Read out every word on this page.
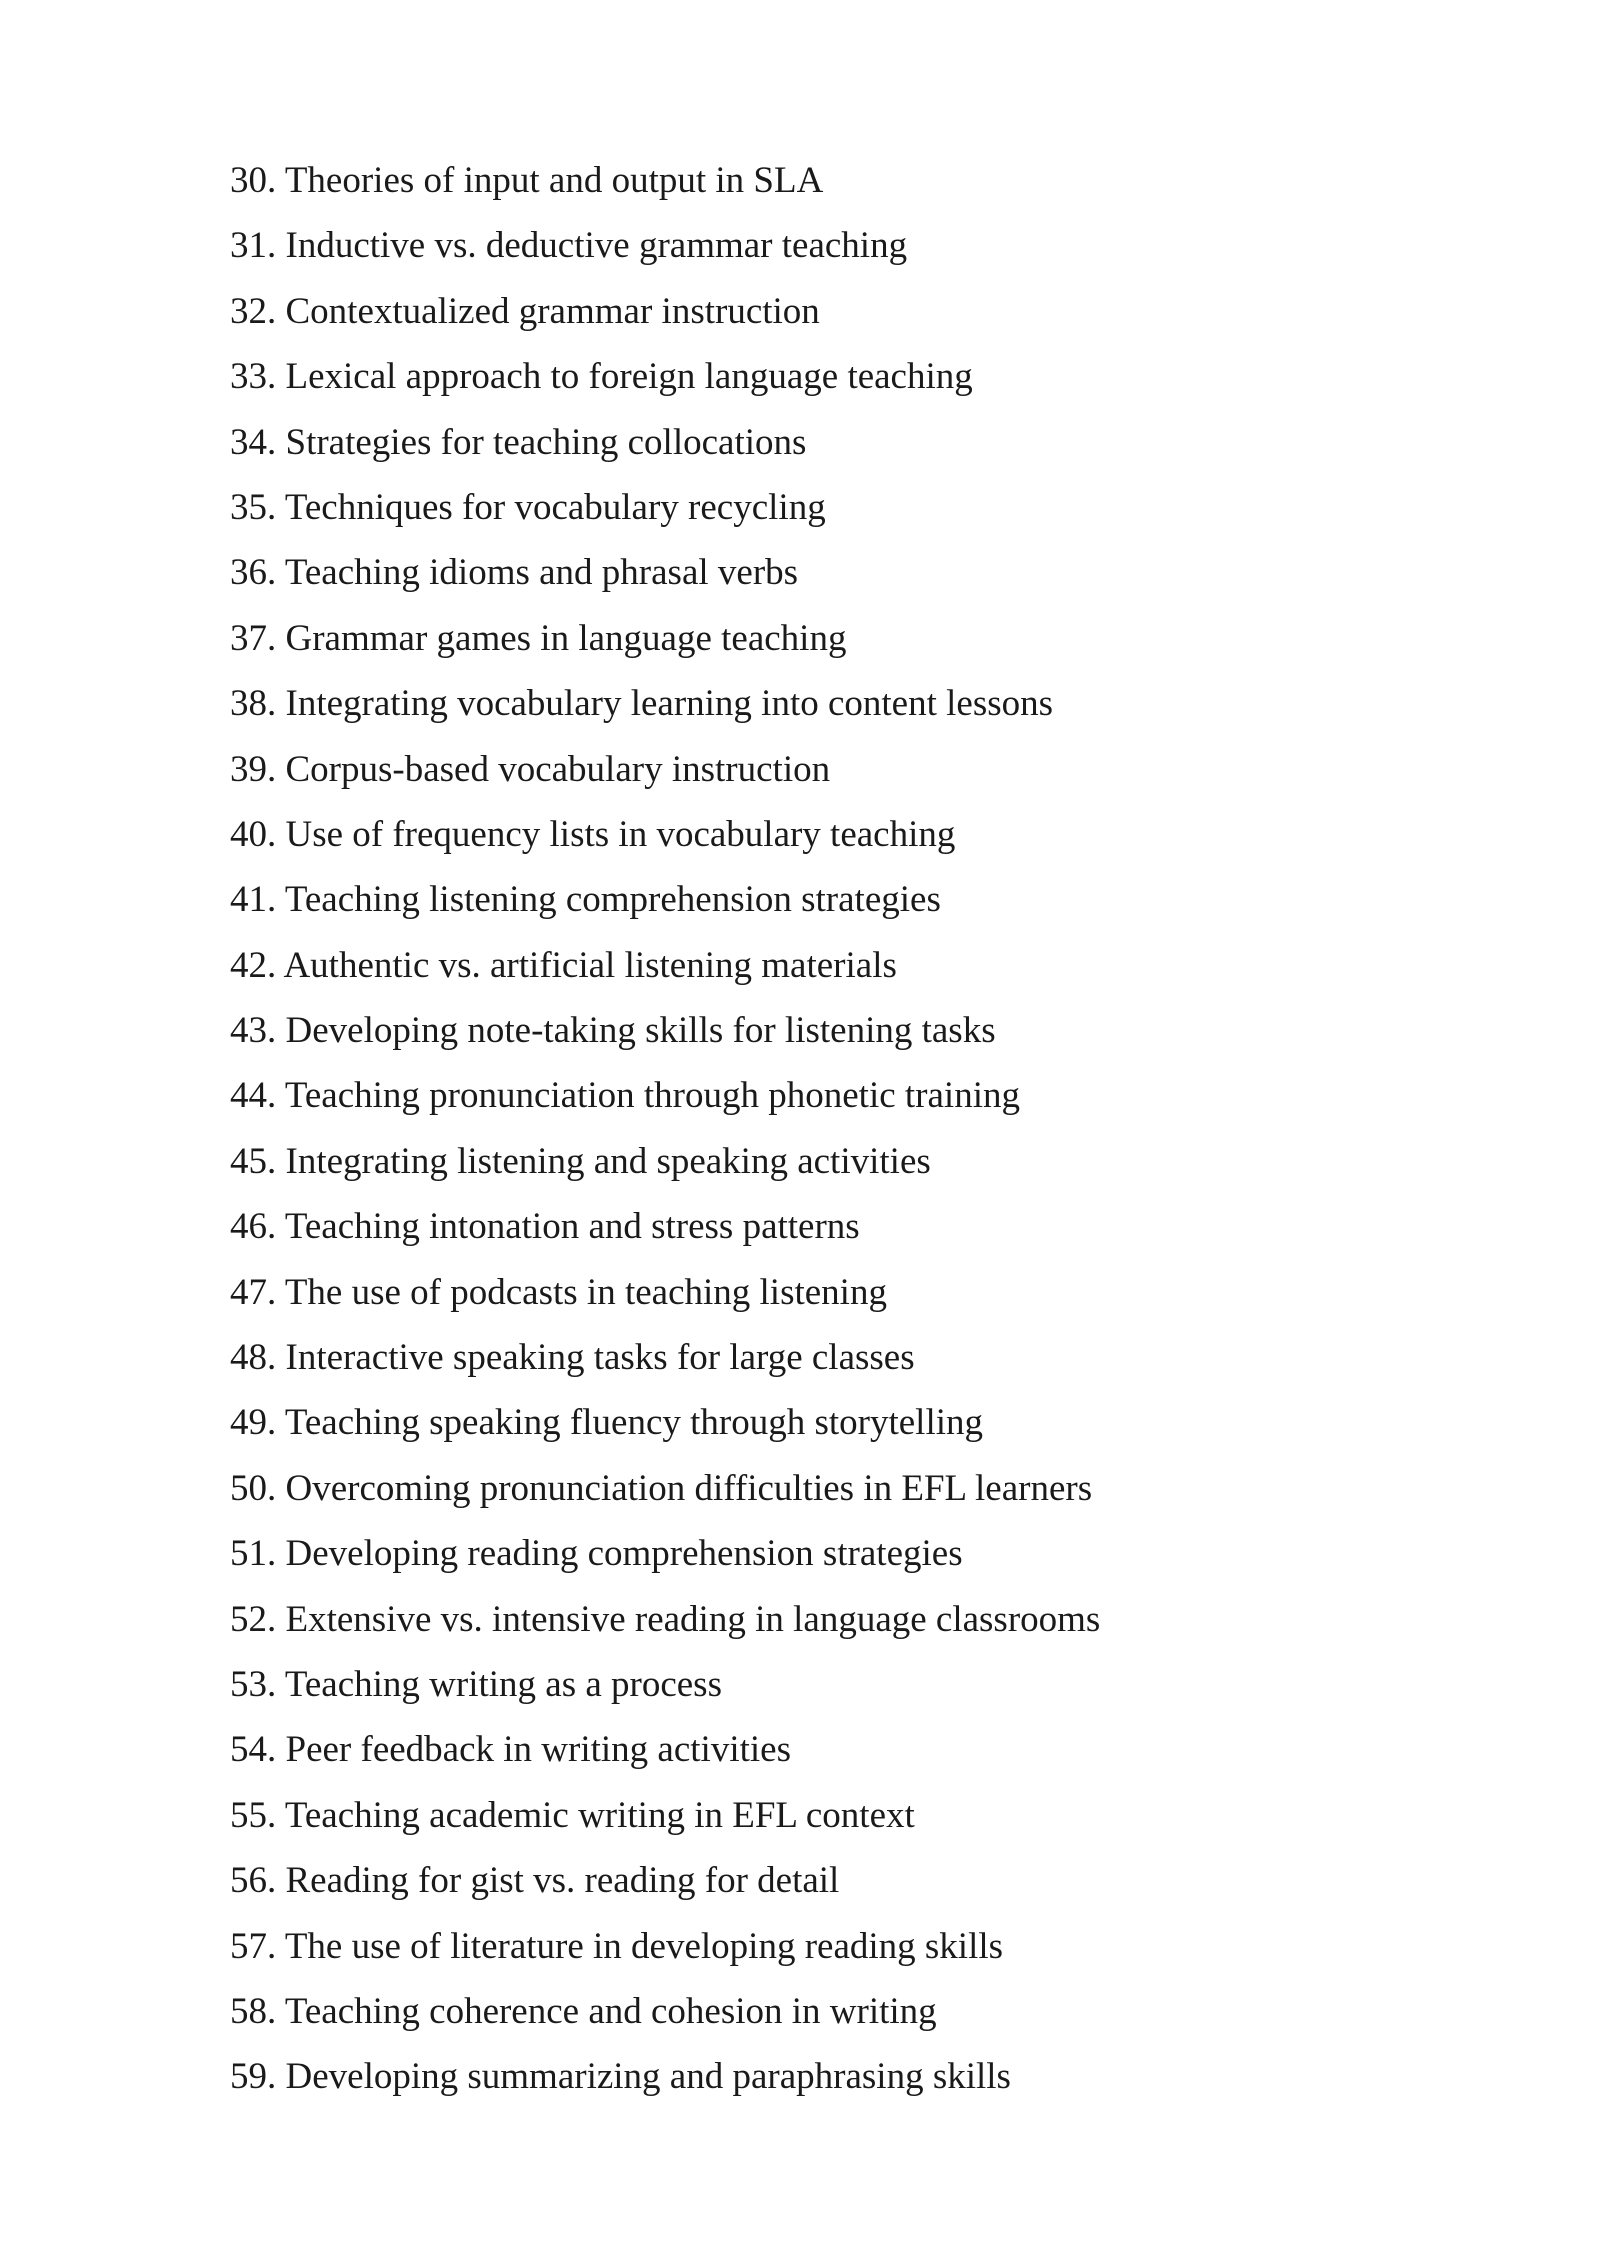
30. Theories of input and output in SLA
31. Inductive vs. deductive grammar teaching
32. Contextualized grammar instruction
33. Lexical approach to foreign language teaching
34. Strategies for teaching collocations
35. Techniques for vocabulary recycling
36. Teaching idioms and phrasal verbs
37. Grammar games in language teaching
38. Integrating vocabulary learning into content lessons
39. Corpus-based vocabulary instruction
40. Use of frequency lists in vocabulary teaching
41. Teaching listening comprehension strategies
42. Authentic vs. artificial listening materials
43. Developing note-taking skills for listening tasks
44. Teaching pronunciation through phonetic training
45. Integrating listening and speaking activities
46. Teaching intonation and stress patterns
47. The use of podcasts in teaching listening
48. Interactive speaking tasks for large classes
49. Teaching speaking fluency through storytelling
50. Overcoming pronunciation difficulties in EFL learners
51. Developing reading comprehension strategies
52. Extensive vs. intensive reading in language classrooms
53. Teaching writing as a process
54. Peer feedback in writing activities
55. Teaching academic writing in EFL context
56. Reading for gist vs. reading for detail
57. The use of literature in developing reading skills
58. Teaching coherence and cohesion in writing
59. Developing summarizing and paraphrasing skills
